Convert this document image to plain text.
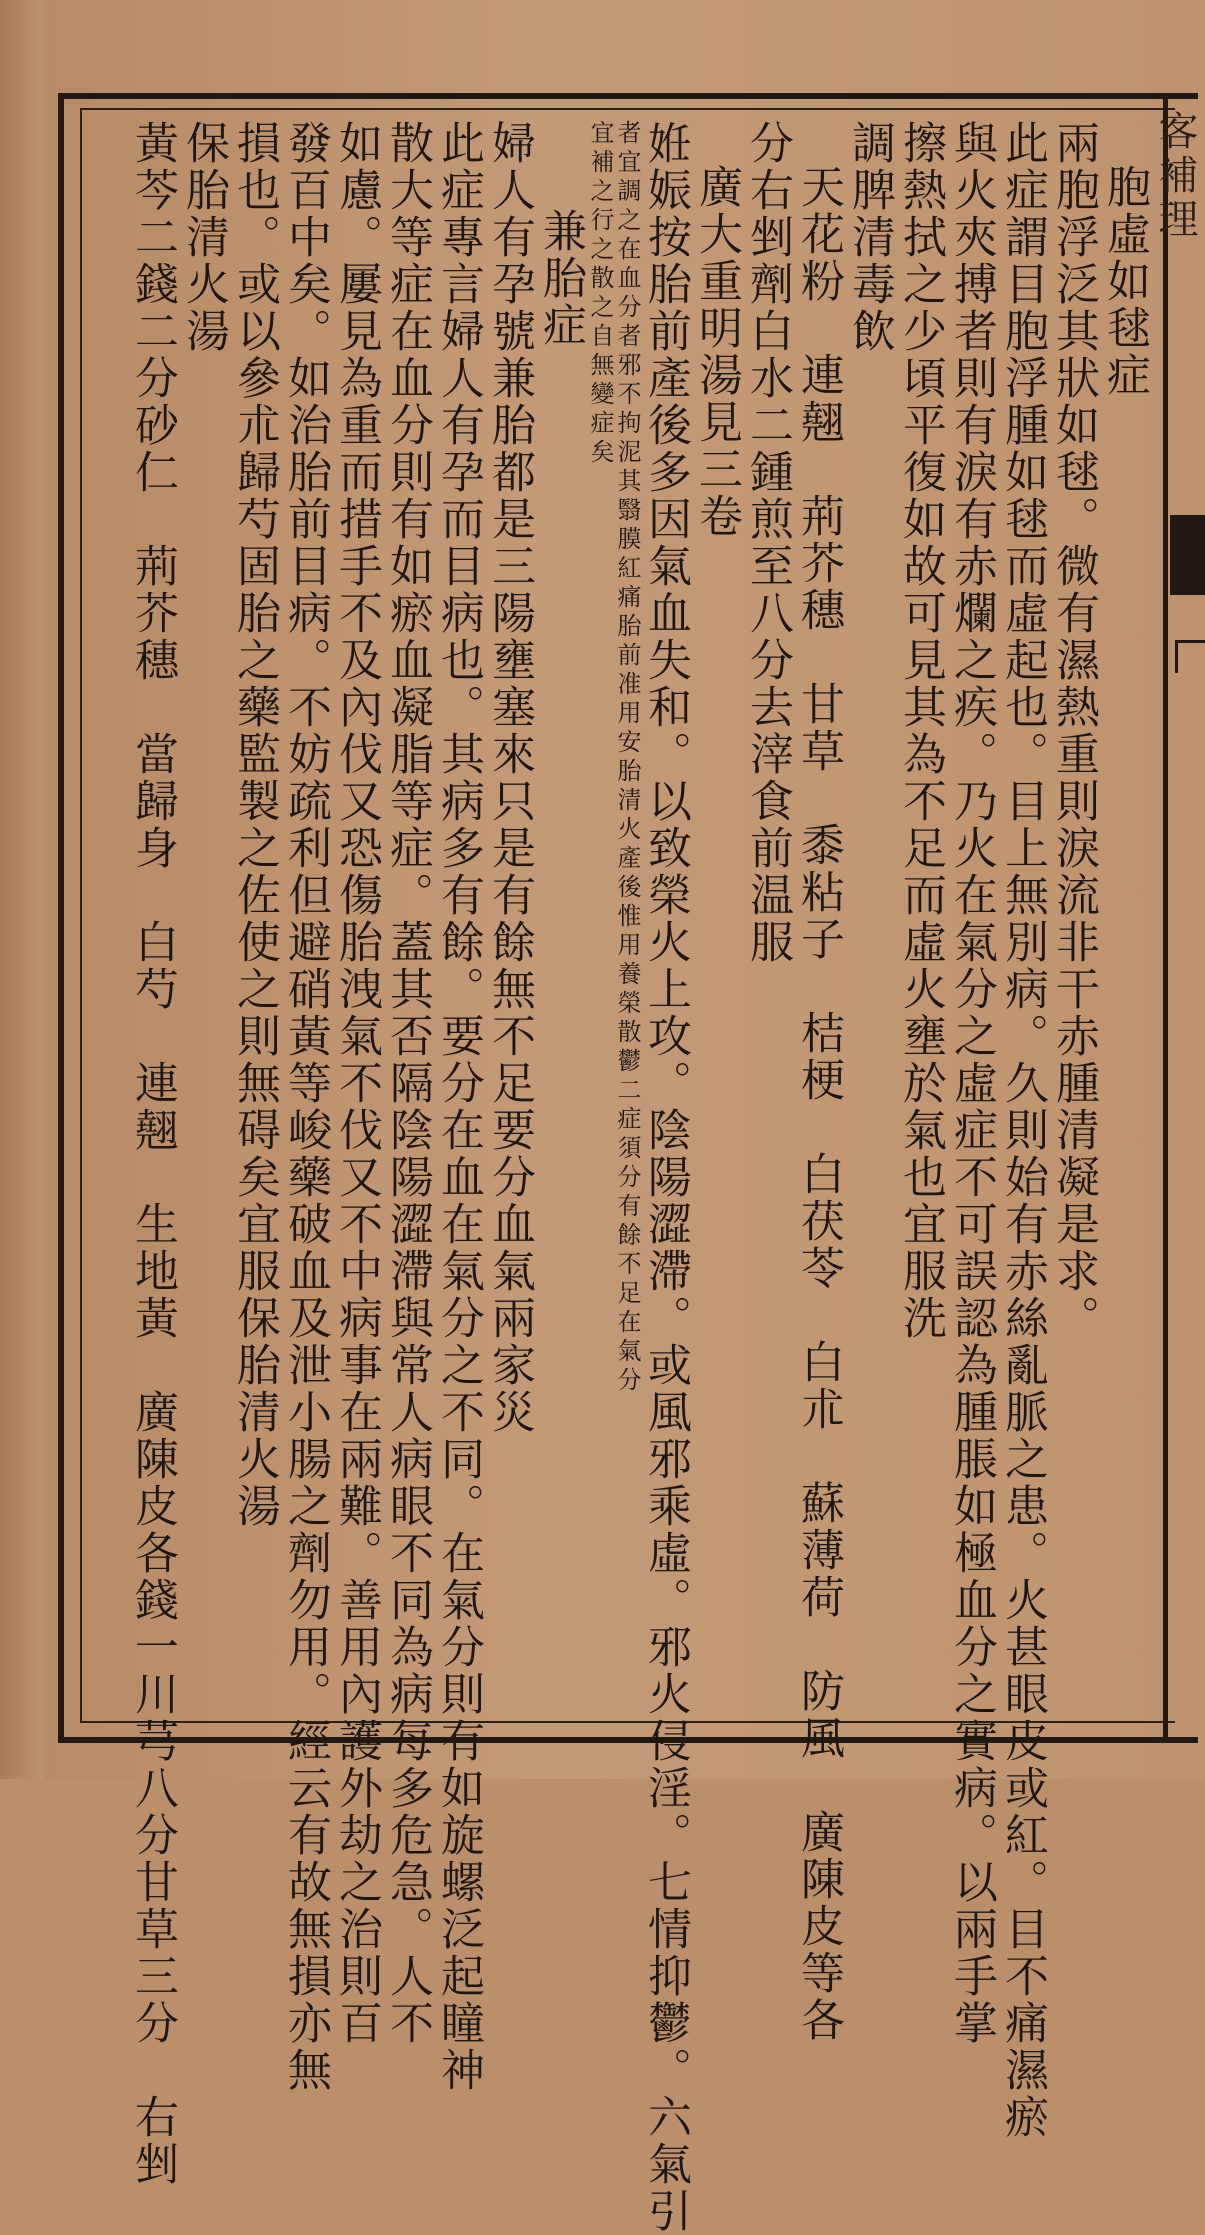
客補理
胞虛如毬症
兩胞浮泛其狀如毬。微有濕熱重則淚流非干赤腫清凝是求。
此症謂目胞浮腫如毬而虛起也。目上無別病。久則始有赤絲亂脈之患。火甚眼皮或紅。目不痛濕瘀
與火夾搏者則有淚有赤爛之疾。乃火在氣分之虛症不可誤認為腫脹如極血分之實病。以兩手掌
擦熱拭之少頃平復如故可見其為不足而虛火壅於氣也宜服洗
調脾清毒飲
天花粉　連翹　荊芥穗　甘草　黍粘子　桔梗　白茯苓　白朮　蘇薄荷　防風　廣陳皮等各
分右剉劑白水二鍾煎至八分去滓食前温服
廣大重明湯見三卷
姙娠按胎前產後多因氣血失和。以致榮火上攻。陰陽澀滯。或風邪乘虛。邪火侵淫。七情抑鬱。六氣引
者宜調之在血分者邪不拘泥其翳膜紅痛胎前准用安胎清火產後惟用養榮散鬱二症須分有餘不足在氣分
宜補之行之散之自無變症矣
兼胎症
婦人有孕號兼胎都是三陽壅塞來只是有餘無不足要分血氣兩家災
此症專言婦人有孕而目病也。其病多有餘。要分在血在氣分之不同。在氣分則有如旋螺泛起瞳神
散大等症在血分則有如瘀血凝脂等症。蓋其否隔陰陽澀滯與常人病眼不同為病每多危急。人不
如慮。屢見為重而措手不及內伐又恐傷胎洩氣不伐又不中病事在兩難。善用內護外劫之治則百
發百中矣。如治胎前目病。不妨疏利但避硝黃等峻藥破血及泄小腸之劑勿用。經云有故無損亦無
損也。或以參朮歸芍固胎之藥監製之佐使之則無碍矣宜服保胎清火湯
保胎清火湯
黃芩二錢二分砂仁　荊芥穗　當歸身　白芍　連翹　生地黃　廣陳皮各錢一川芎八分甘草三分　右剉
